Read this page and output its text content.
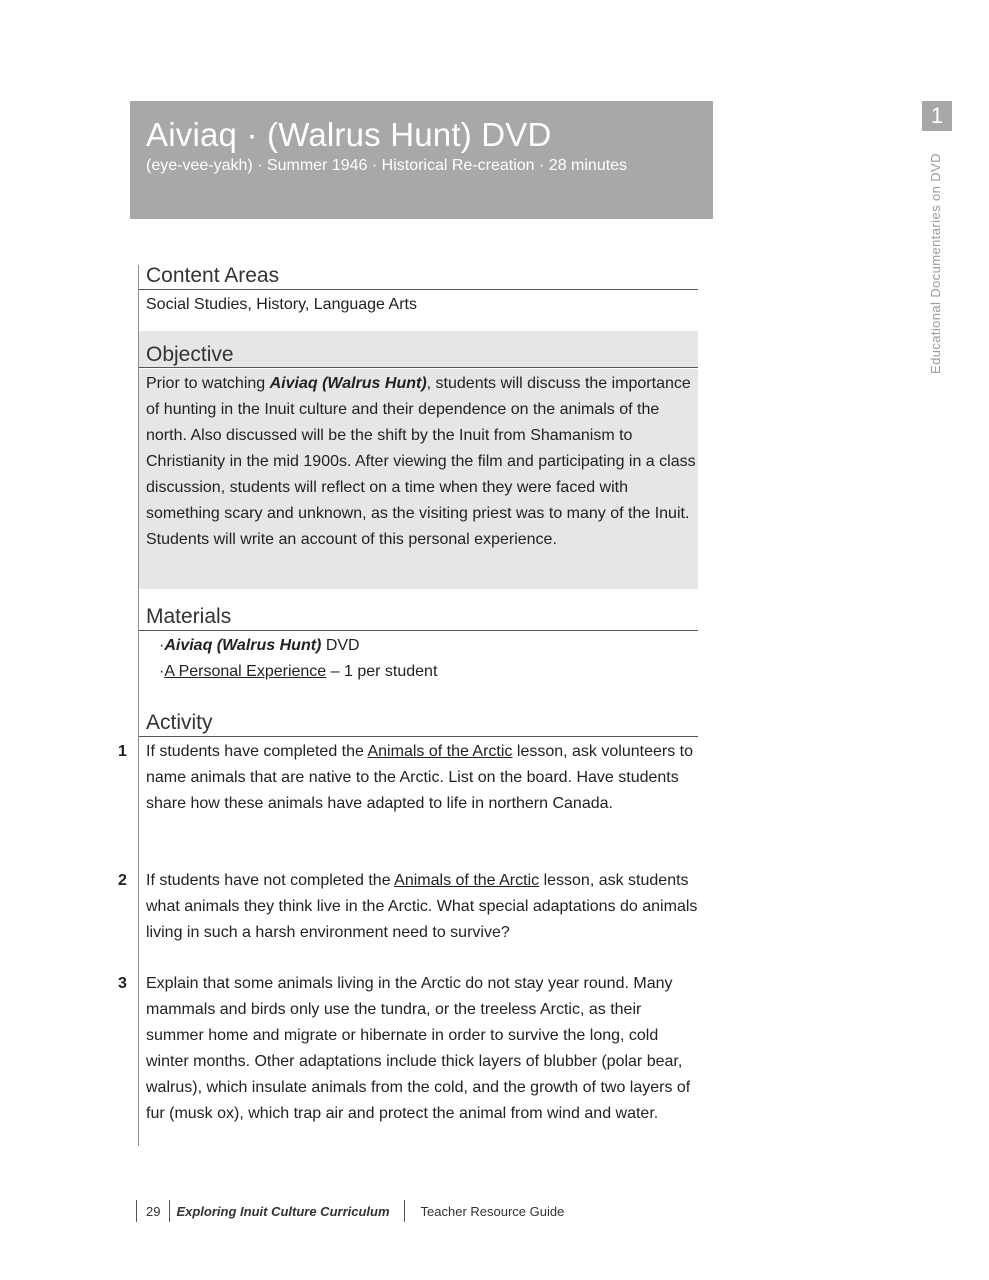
Aiviaq · (Walrus Hunt) DVD
(eye-vee-yakh) · Summer 1946 · Historical Re-creation · 28 minutes
1
Educational Documentaries on DVD
Content Areas
Social Studies, History, Language Arts
Objective
Prior to watching Aiviaq (Walrus Hunt), students will discuss the importance of hunting in the Inuit culture and their dependence on the animals of the north. Also discussed will be the shift by the Inuit from Shamanism to Christianity in the mid 1900s. After viewing the film and participating in a class discussion, students will reflect on a time when they were faced with something scary and unknown, as the visiting priest was to many of the Inuit. Students will write an account of this personal experience.
Materials
·Aiviaq (Walrus Hunt) DVD
·A Personal Experience – 1 per student
Activity
1 If students have completed the Animals of the Arctic lesson, ask volunteers to name animals that are native to the Arctic. List on the board. Have students share how these animals have adapted to life in northern Canada.
2 If students have not completed the Animals of the Arctic lesson, ask students what animals they think live in the Arctic. What special adaptations do animals living in such a harsh environment need to survive?
3 Explain that some animals living in the Arctic do not stay year round. Many mammals and birds only use the tundra, or the treeless Arctic, as their summer home and migrate or hibernate in order to survive the long, cold winter months. Other adaptations include thick layers of blubber (polar bear, walrus), which insulate animals from the cold, and the growth of two layers of fur (musk ox), which trap air and protect the animal from wind and water.
29	Exploring Inuit Culture Curriculum	Teacher Resource Guide
